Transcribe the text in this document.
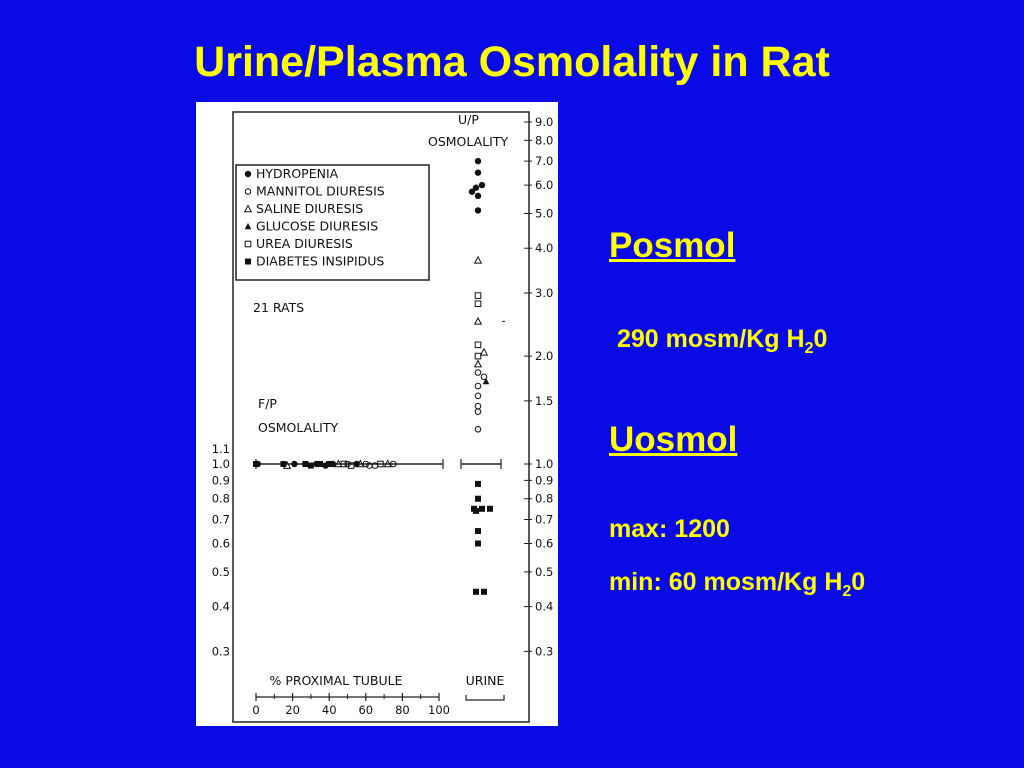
Urine/Plasma Osmolality in Rat
HYDROPENIA
MANNITOL DIURESIS
SALINE DIURESIS
GLUCOSE DIURESIS
UREA DIURESIS
DIABETES INSIPIDUS
21 RATS
F/P
OSMOLALITY
U/P
OSMOLALITY
1.1
1.0
0.9
0.8
0.7
0.6
0.5
0.4
0.3
9.0
8.0
7.0
6.0
5.0
4.0
3.0
2.0
1.5
1.0
0.9
0.8
0.7
0.6
0.5
0.4
0.3
0 20 40 60 80 100
% PROXIMAL TUBULE	URINE
Posmol
290 mosm/Kg $H_20$
Uosmol
max: 1200
min: 60 mosm/Kg $H_20$
